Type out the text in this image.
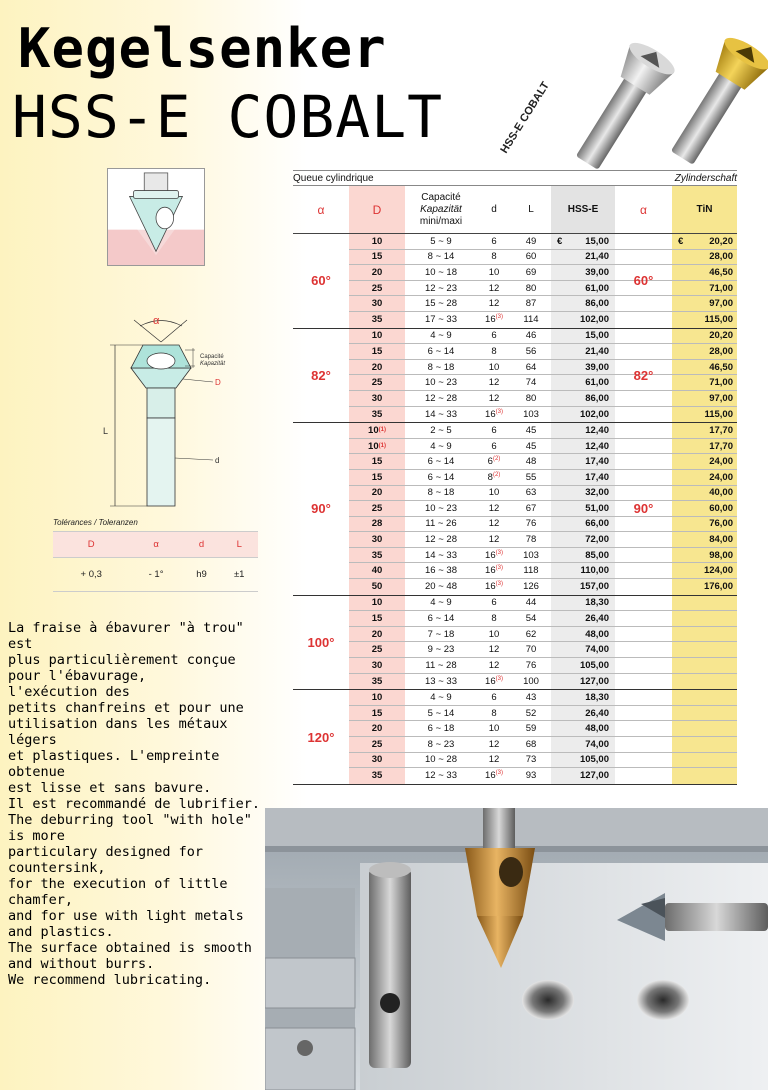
Kegelsenker
HSS-E COBALT	HSS-E COBALT
α
L
Capacité
Kapazität
D
d
Tolérances / Toleranzen
D	α	d	L
+ 0,3	- 1°	h9	±1
La fraise à ébavurer "à trou" est
plus particulièrement conçue pour l'ébavurage,
l'exécution des
petits chanfreins et pour une
utilisation dans les métaux légers
et plastiques. L'empreinte obtenue
est lisse et sans bavure.
Il est recommandé de lubrifier.
The deburring tool "with hole" is more
particulary designed for countersink,
for the execution of little chamfer,
and for use with light metals
and plastics.
The surface obtained is smooth
and without burrs.
We recommend lubricating.
Queue cylindrique	Zylinderschaft
α	D
Capacité
Kapazität
mini/maxi
d	L	HSS-E	α	TiN
60°
10	5 ~ 9	6	49	€ 15,00	€	20,20
15	8 ~ 14	8	60	21,40	28,00
20	10 ~ 18	10	69	39,00	46,50
25	12 ~ 23	12	80	61,00	71,00
30	15 ~ 28	12	87	86,00	97,00
35	17 ~ 33	16$^{(3)}$	114	102,00	115,00
60°
82°
10	4 ~ 9	6	46	15,00	20,20
15	6 ~ 14	8	56	21,40	28,00
20	8 ~ 18	10	64	39,00	46,50
25	10 ~ 23	12	74	61,00	71,00
30	12 ~ 28	12	80	86,00	97,00
35	14 ~ 33	16$^{(3)}$	103	102,00	115,00
82°
90°
10 (1)	2 ~ 5	6	45	12,40	17,70
10 (1)	4 ~ 9	6	45	12,40	17,70
15	6 ~ 14	6$^{(2)}$	48	17,40	24,00
15	6 ~ 14	8$^{(2)}$	55	17,40	24,00
20	8 ~ 18	10	63	32,00	40,00
25	10 ~ 23	12	67	51,00	60,00
28	11 ~ 26	12	76	66,00	76,00
30	12 ~ 28	12	78	72,00	84,00
35	14 ~ 33	16$^{(3)}$	103	85,00	98,00
40	16 ~ 38	16$^{(3)}$	118	110,00	124,00
50	20 ~ 48	16$^{(3)}$	126	157,00	176,00
90°
100°
10	4 ~ 9	6	44	18,30
15	6 ~ 14	8	54	26,40
20	7 ~ 18	10	62	48,00
25	9 ~ 23	12	70	74,00
30	11 ~ 28	12	76	105,00
35	13 ~ 33	16$^{(3)}$	100	127,00
120°
10	4 ~ 9	6	43	18,30
15	5 ~ 14	8	52	26,40
20	6 ~ 18	10	59	48,00
25	8 ~ 23	12	68	74,00
30	10 ~ 28	12	73	105,00
35	12 ~ 33	16$^{(3)}$	93	127,00
